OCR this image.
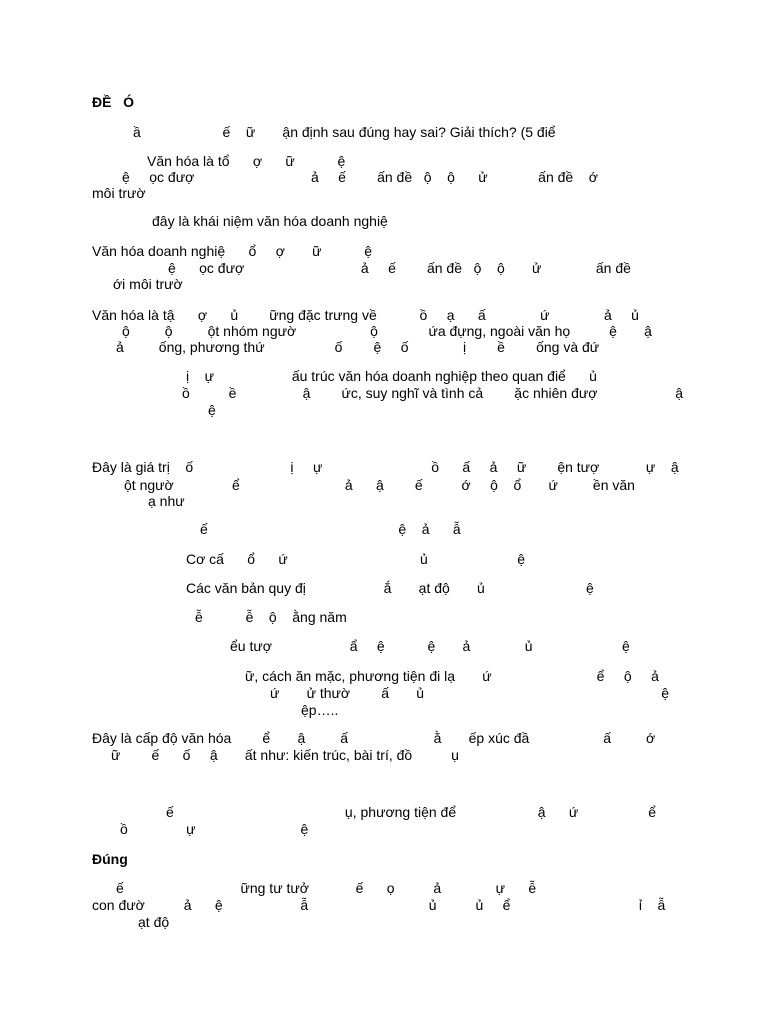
ĐỀ   Ó
ầ                     ế    ữ       ận định sau đúng hay sai? Giải thích? (5 điể
Văn hóa là tổ      ợ      ữ           ệ
ệ     ọc đượ                              ả     ế        ấn đề   ộ    ộ      ử             ấn đề    ớ
môi trườ
đây là khái niệm văn hóa doanh nghiệ
Văn hóa doanh nghiệ      ổ     ợ       ữ           ệ
ệ      ọc đượ                              ả     ế        ấn đề   ộ    ộ       ử              ấn đề
ới môi trườ
Văn hóa là tậ      ợ      ủ        ững đặc trưng về           ồ     ạ      ấ              ứ              ả     ủ
ộ         ộ         ột nhóm ngườ                   ộ             ứa đựng, ngoài văn họ          ệ       ậ
ả         ống, phương thứ                  ố        ệ     ố              ị        ề        ống và đứ
ị    ự                    ấu trúc văn hóa doanh nghiệp theo quan điể      ủ
ồ          ề                 ậ        ức, suy nghĩ và tình cả        ặc nhiên đượ                    ậ
ệ
Đây là giá trị    ố                         ị     ự                            ồ      ấ     ả     ữ        ện tượ            ự    ậ
ột ngườ               ể                           ả      ậ        ế          ớ     ộ    ổ       ứ         ền văn
ạ như
ế                                                 ệ    ả      ẫ
Cơ cấ      ổ      ứ                                  ủ                       ệ
Các văn bản quy đị                    ắ       ạt độ       ủ                          ệ
ễ           ễ    ộ    ằng năm
ểu tượ                    ẩ     ệ           ệ       ả              ủ                       ệ
ữ, cách ăn mặc, phương tiện đi lạ       ứ                           ể     ộ     ả
ứ       ử thườ        ấ       ủ                                                             ệ
ệp…..
Đây là cấp độ văn hóa        ể       ậ         ấ                      ằ       ếp xúc đầ                   ấ         ớ
ữ        ế      ố     ậ       ất như: kiến trúc, bài trí, đồ          ụ
ế                                            ụ, phương tiện để                     ậ      ứ                  ể
ồ               ự                           ệ
Đúng
ế                              ững tư tưở            ế      ọ          ả              ự      ễ
con đườ          ả      ệ                    ẫ                               ủ          ủ     ể                                 ỉ    ẫ
ạt độ
